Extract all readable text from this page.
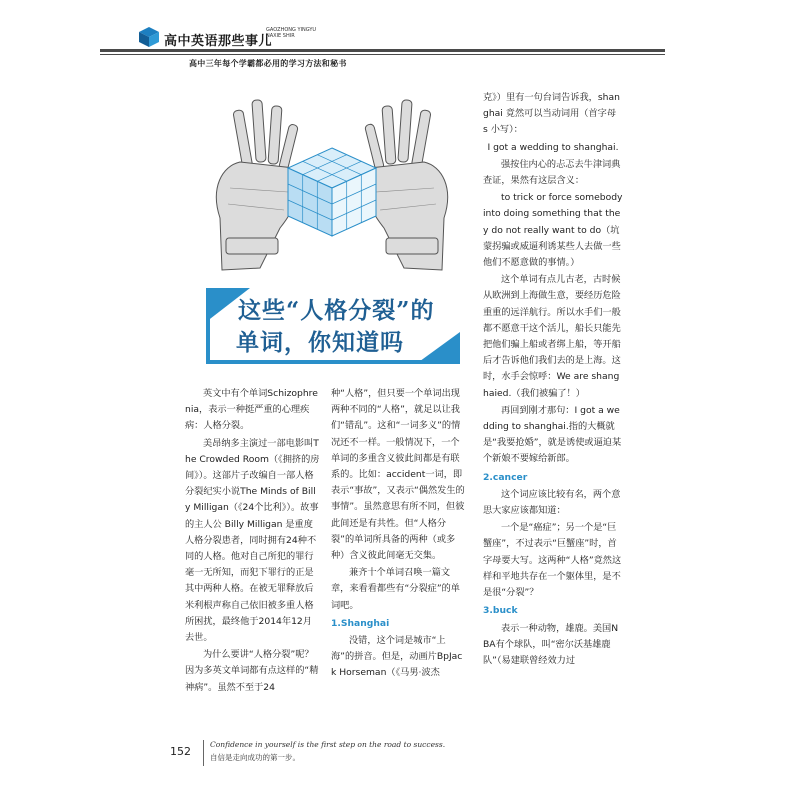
高中英语那些事儿
GAOZHONG YINGYU
NAXIE SHIR
高中三年每个学霸都必用的学习方法和秘书
这些“人格分裂”的
单词，你知道吗

英文中有个单词Schizophrenia，表示一种挺严重的心理疾病：人格分裂。

美昂纳多主演过一部电影叫The Crowded Room（《拥挤的房间》）。这部片子改编自一部人格分裂纪实小说The Minds of Billy Milligan（《24个比利》）。故事的主人公 Billy Milligan 是重度人格分裂患者，同时拥有24种不同的人格。他对自己所犯的罪行毫一无所知，而犯下罪行的正是其中两种人格。在被无罪释放后米利根声称自己依旧被多重人格所困扰，最终他于2014年12月去世。

为什么要讲“人格分裂”呢？因为多英文单词都有点这样的“精神病”。虽然不至于24

种“人格”，但只要一个单词出现两种不同的“人格”，就足以让我们“错乱”。这和“一词多义”的情况还不一样。一般情况下，一个单词的多重含义彼此间都是有联系的。比如：accident一词，即表示“事故”，又表示“偶然发生的事情”。虽然意思有所不同，但彼此间还是有共性。但“人格分裂”的单词所具备的两种（或多种）含义彼此间毫无交集。

兼齐十个单词召唤一篇文章，来看看都些有“分裂症”的单词吧。

1.Shanghai

没错，这个词是城市“上海”的拼音。但是，动画片BpJack Horseman（《马男·波杰

克》）里有一句台词告诉我，shanghai 竟然可以当动词用（首字母 s 小写）：

I got a wedding to shanghai.

强按住内心的忐忑去牛津词典查证，果然有这层含义：

to trick or force somebody into doing something that they do not really want to do（坑蒙拐骗或威逼利诱某些人去做一些他们不愿意做的事情。）

这个单词有点儿古老，古时候从欧洲到上海做生意，要经历危险重重的远洋航行。所以水手们一般都不愿意干这个活儿，船长只能先把他们骗上船或者绑上船，等开船后才告诉他们我们去的是上海。这时，水手会惊呼：We are shanghaied.（我们被骗了！）

再回到刚才那句：I got a wedding to shanghai.指的大概就是“我要抢婚”，就是诱使或逼迫某个新娘不要嫁给新郎。

2.cancer

这个词应该比较有名，两个意思大家应该都知道：

一个是“癌症”；另一个是“巨蟹座”，不过表示“巨蟹座”时，首字母要大写。这两种“人格”竟然这样和平地共存在一个躯体里，是不是很“分裂”？

3.buck

表示一种动物，雄鹿。美国NBA有个球队，叫“密尔沃基雄鹿队”（易建联曾经效力过

152
Confidence in yourself is the first step on the road to success.
自信是走向成功的第一步。
